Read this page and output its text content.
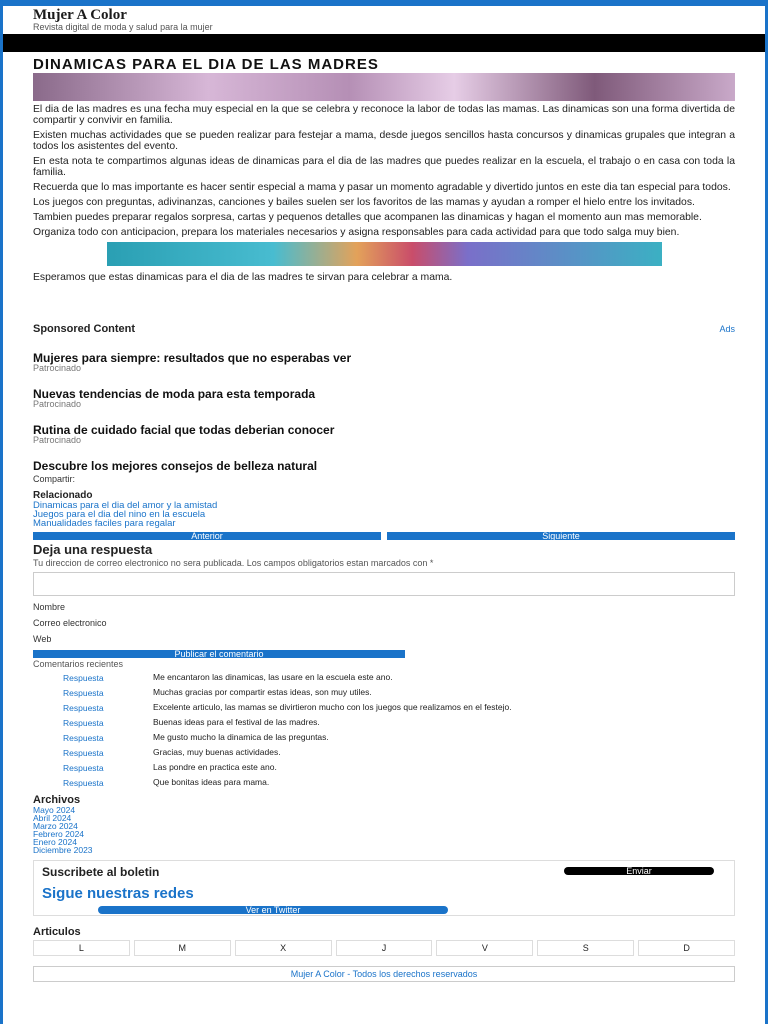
Mujer A Color
Revista digital de moda y salud para la mujer
DINAMICAS PARA EL DIA DE LAS MADRES

El dia de las madres es una fecha muy especial en la que se celebra y reconoce la labor de todas las mamas. Las dinamicas son una forma divertida de compartir y convivir en familia.

Existen muchas actividades que se pueden realizar para festejar a mama, desde juegos sencillos hasta concursos y dinamicas grupales que integran a todos los asistentes del evento.

En esta nota te compartimos algunas ideas de dinamicas para el dia de las madres que puedes realizar en la escuela, el trabajo o en casa con toda la familia.

Recuerda que lo mas importante es hacer sentir especial a mama y pasar un momento agradable y divertido juntos en este dia tan especial para todos.

Los juegos con preguntas, adivinanzas, canciones y bailes suelen ser los favoritos de las mamas y ayudan a romper el hielo entre los invitados.

Tambien puedes preparar regalos sorpresa, cartas y pequenos detalles que acompanen las dinamicas y hagan el momento aun mas memorable.

Organiza todo con anticipacion, prepara los materiales necesarios y asigna responsables para cada actividad para que todo salga muy bien.

Esperamos que estas dinamicas para el dia de las madres te sirvan para celebrar a mama.

Sponsored Content	Ads
Mujeres para siempre: resultados que no esperabas ver
Patrocinado
Nuevas tendencias de moda para esta temporada
Patrocinado
Rutina de cuidado facial que todas deberian conocer
Patrocinado
Descubre los mejores consejos de belleza natural
Compartir:
Relacionado
Dinamicas para el dia del amor y la amistad
Juegos para el dia del nino en la escuela
Manualidades faciles para regalar
Anterior	Siguiente
Deja una respuesta
Tu direccion de correo electronico no sera publicada. Los campos obligatorios estan marcados con *
Nombre
Correo electronico
Web
Publicar el comentario
Comentarios recientes
Respuesta	Me encantaron las dinamicas, las usare en la escuela este ano.
Respuesta	Muchas gracias por compartir estas ideas, son muy utiles.
Respuesta	Excelente articulo, las mamas se divirtieron mucho con los juegos que realizamos en el festejo.
Respuesta	Buenas ideas para el festival de las madres.
Respuesta	Me gusto mucho la dinamica de las preguntas.
Respuesta	Gracias, muy buenas actividades.
Respuesta	Las pondre en practica este ano.
Respuesta	Que bonitas ideas para mama.
Archivos
Mayo 2024
Abril 2024
Marzo 2024
Febrero 2024
Enero 2024
Diciembre 2023
Suscribete al boletin	Enviar
Sigue nuestras redes
Ver en Twitter
Articulos
L	M	X	J	V	S	D
Mujer A Color - Todos los derechos reservados
